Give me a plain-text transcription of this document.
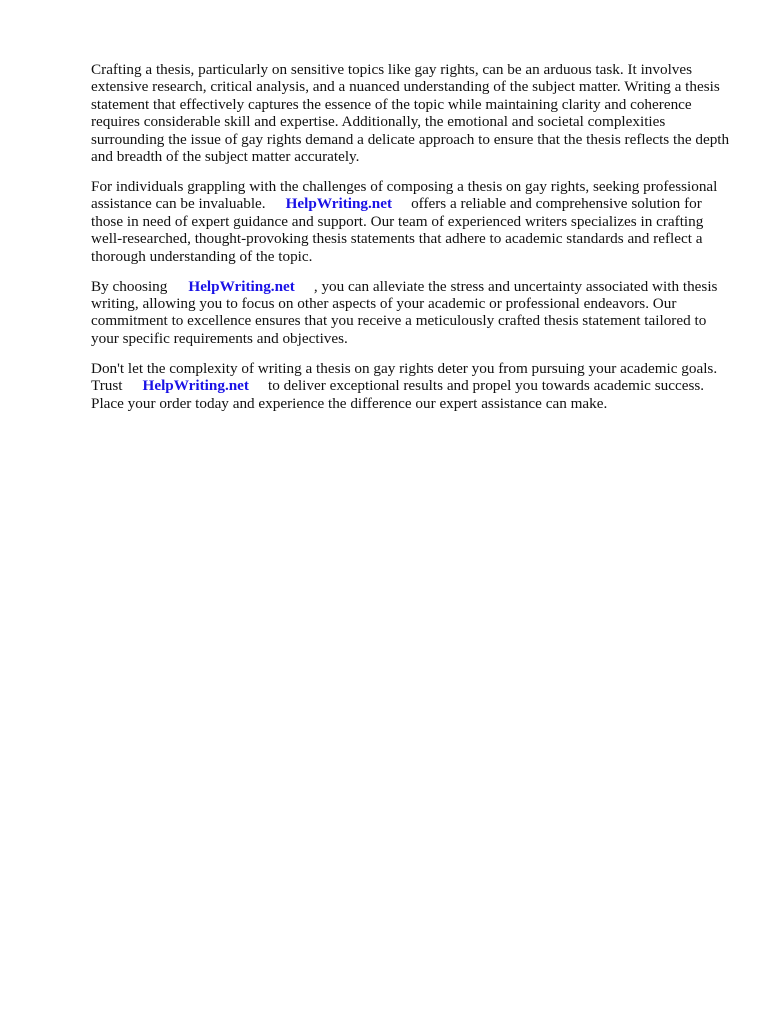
Crafting a thesis, particularly on sensitive topics like gay rights, can be an arduous task. It involves extensive research, critical analysis, and a nuanced understanding of the subject matter. Writing a thesis statement that effectively captures the essence of the topic while maintaining clarity and coherence requires considerable skill and expertise. Additionally, the emotional and societal complexities surrounding the issue of gay rights demand a delicate approach to ensure that the thesis reflects the depth and breadth of the subject matter accurately.

For individuals grappling with the challenges of composing a thesis on gay rights, seeking professional assistance can be invaluable. HelpWriting.net offers a reliable and comprehensive solution for those in need of expert guidance and support. Our team of experienced writers specializes in crafting well-researched, thought-provoking thesis statements that adhere to academic standards and reflect a thorough understanding of the topic.

By choosing HelpWriting.net , you can alleviate the stress and uncertainty associated with thesis writing, allowing you to focus on other aspects of your academic or professional endeavors. Our commitment to excellence ensures that you receive a meticulously crafted thesis statement tailored to your specific requirements and objectives.

Don't let the complexity of writing a thesis on gay rights deter you from pursuing your academic goals. Trust HelpWriting.net to deliver exceptional results and propel you towards academic success. Place your order today and experience the difference our expert assistance can make.
